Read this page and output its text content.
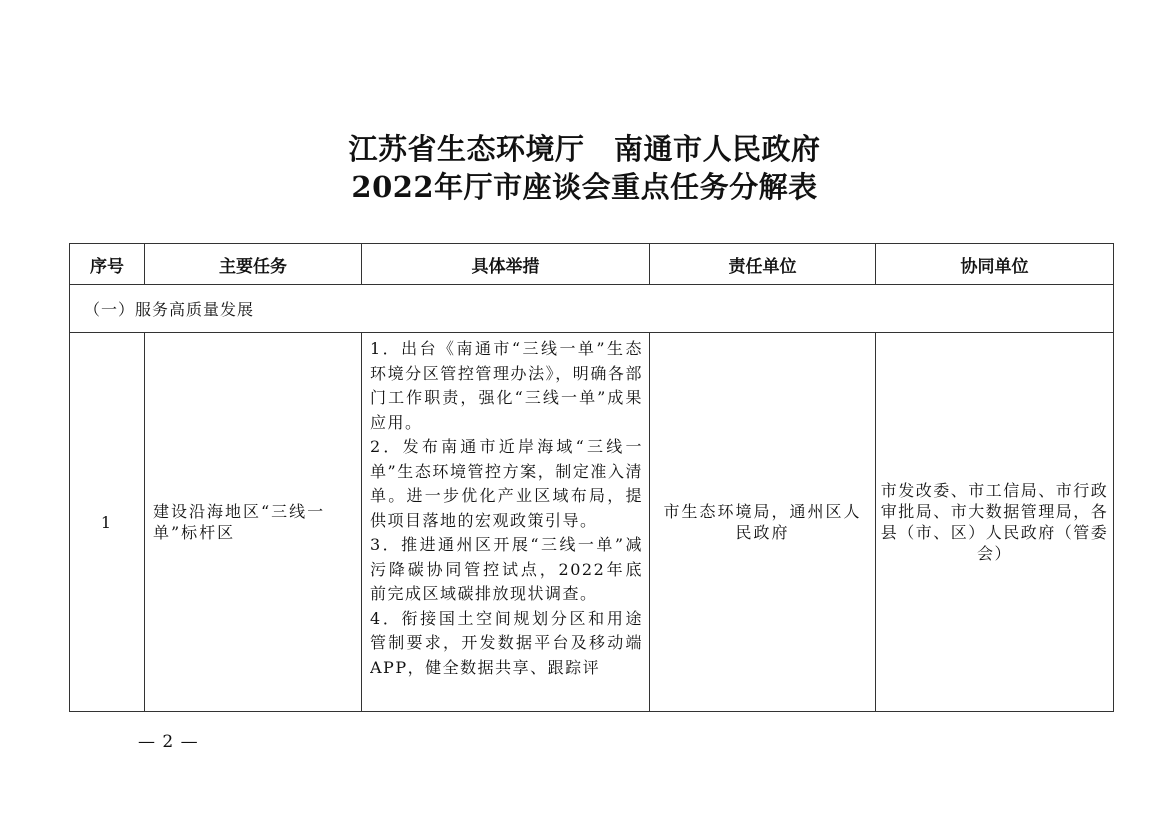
江苏省生态环境厅　南通市人民政府
2022年厅市座谈会重点任务分解表
序号	主要任务	具体举措	责任单位	协同单位
（一）服务高质量发展				
1	建设沿海地区“三线一单”标杆区	1．出台《南通市“三线一单”生态环境分区管控管理办法》，明确各部门工作职责，强化“三线一单”成果应用。

2．发布南通市近岸海域“三线一单”生态环境管控方案，制定准入清单。进一步优化产业区域布局，提供项目落地的宏观政策引导。

3．推进通州区开展“三线一单”减污降碳协同管控试点，2022年底前完成区域碳排放现状调查。

4．衔接国土空间规划分区和用途管制要求，开发数据平台及移动端APP，健全数据共享、跟踪评	市生态环境局，通州区人民政府	市发改委、市工信局、市行政审批局、市大数据管理局，各县（市、区）人民政府（管委会）
— 2 —
